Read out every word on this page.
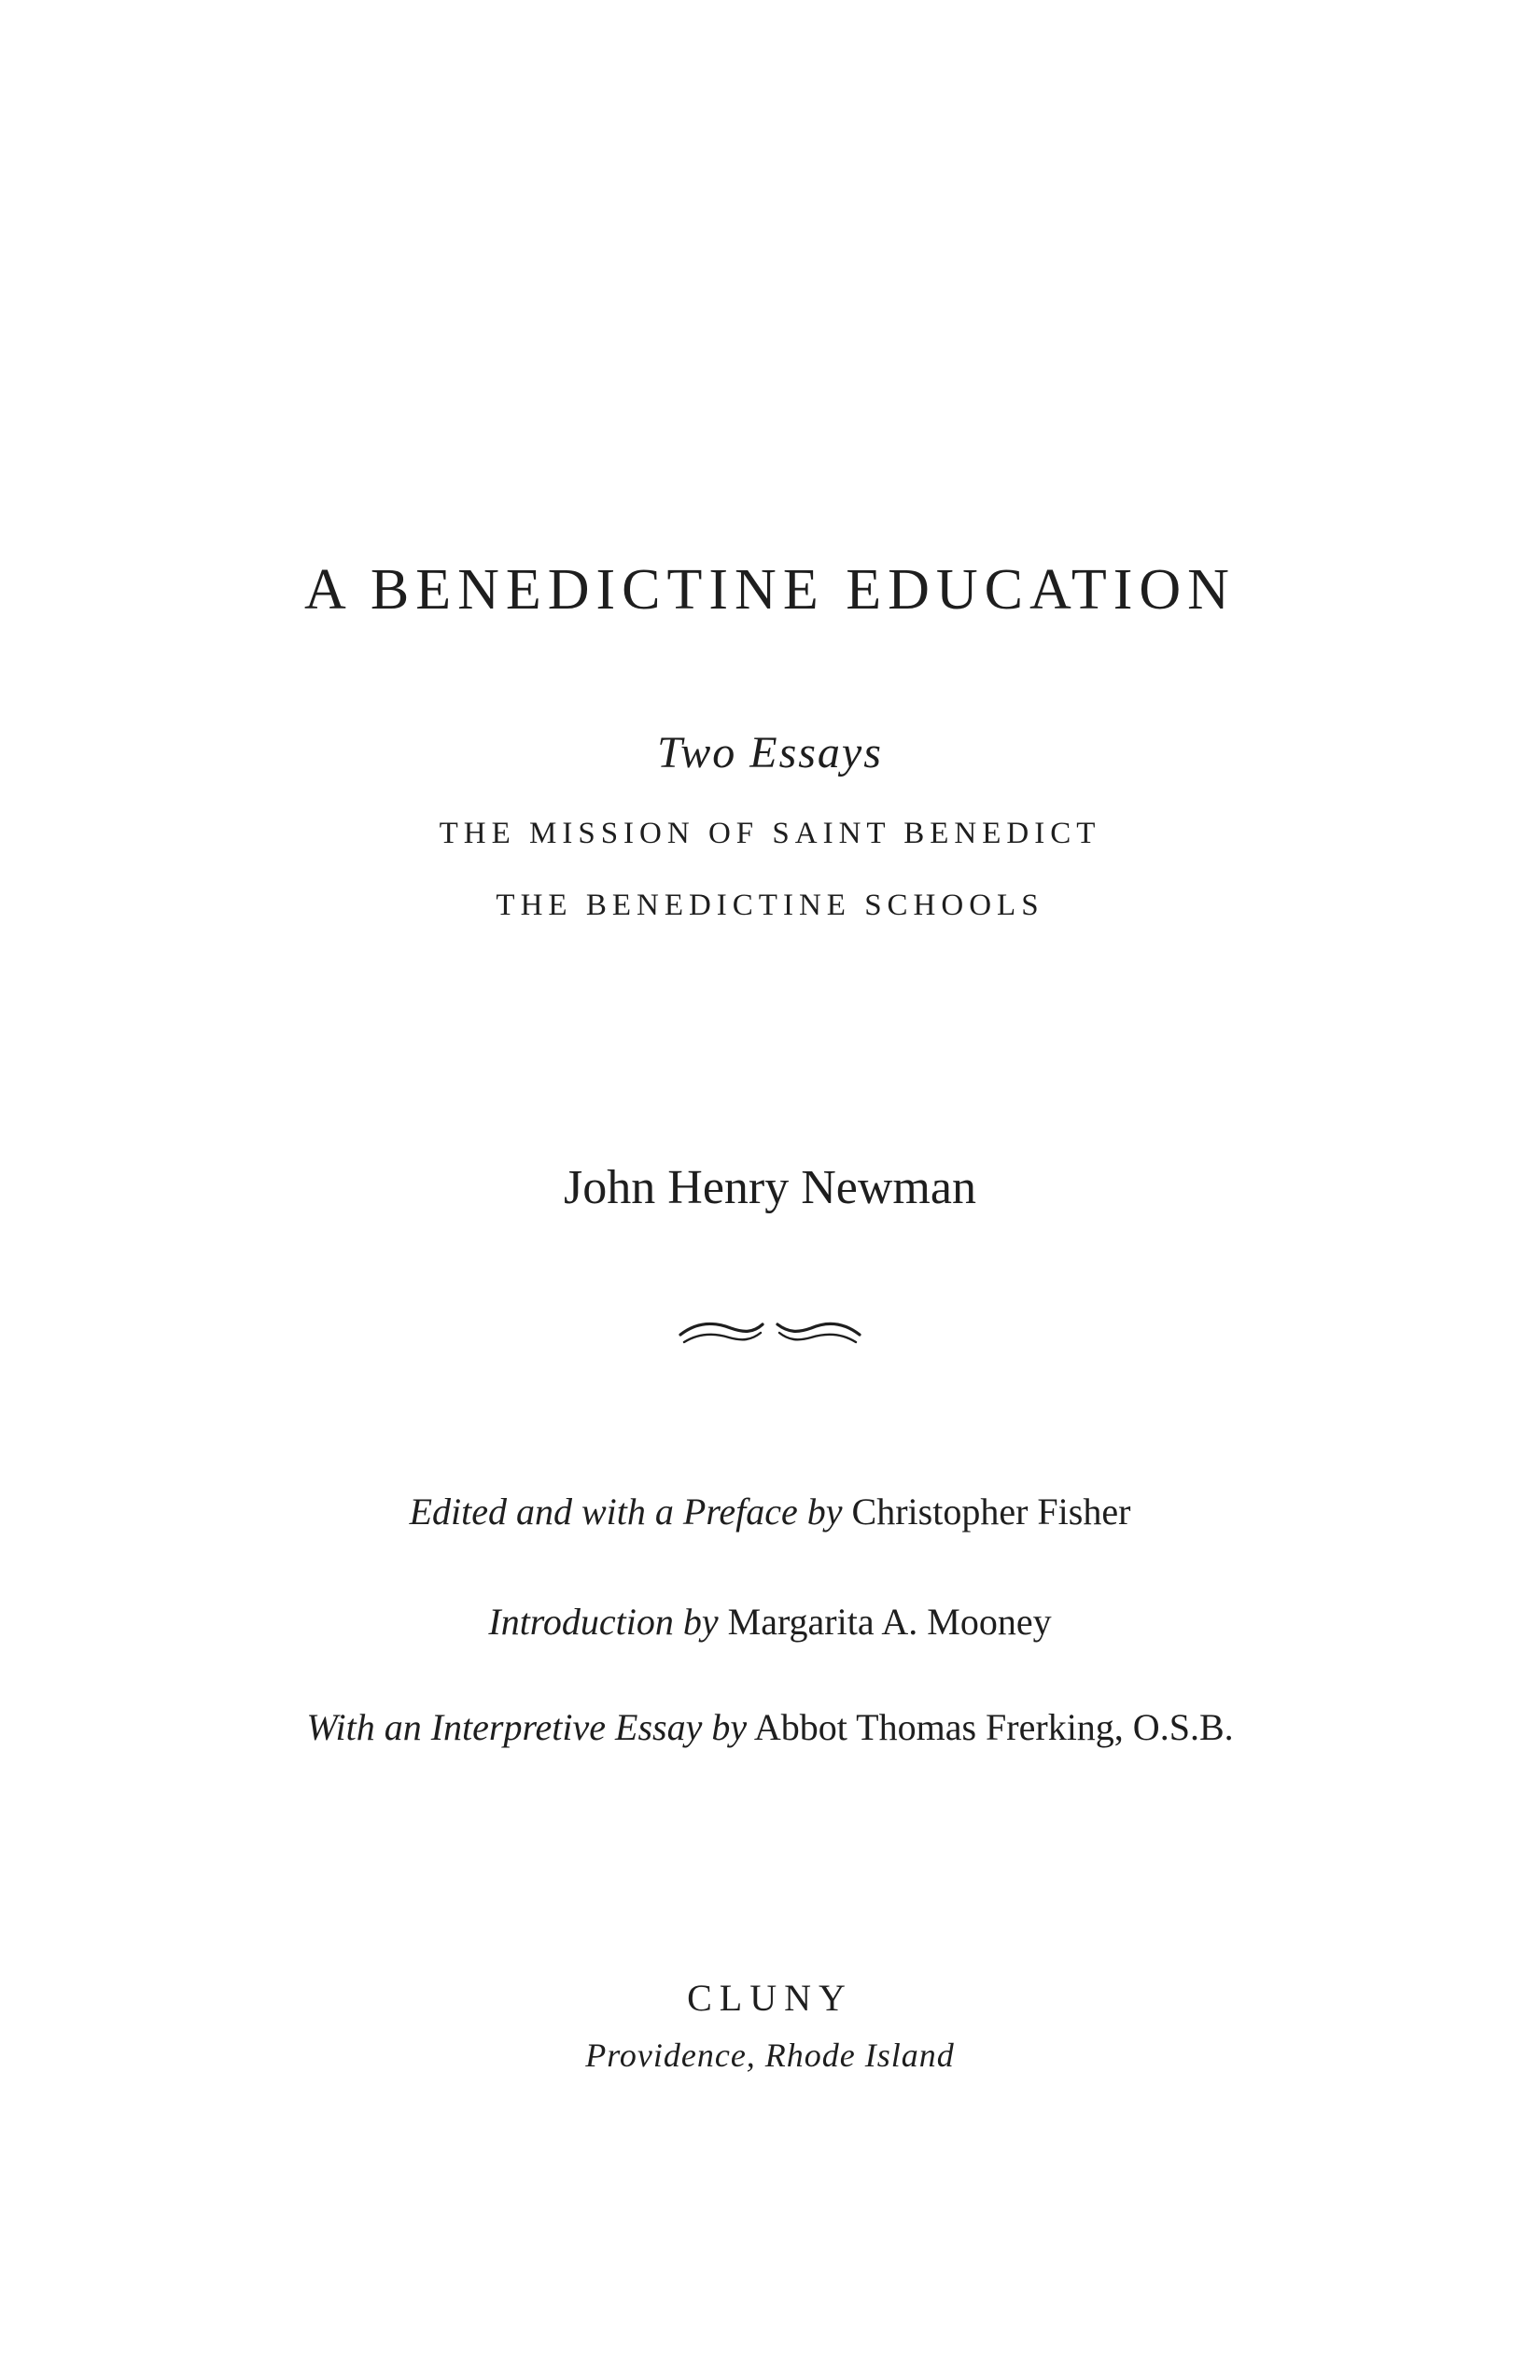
A BENEDICTINE EDUCATION
Two Essays
THE MISSION OF SAINT BENEDICT
THE BENEDICTINE SCHOOLS
John Henry Newman
Edited and with a Preface by Christopher Fisher
Introduction by Margarita A. Mooney
With an Interpretive Essay by Abbot Thomas Frerking, O.S.B.
CLUNY
Providence, Rhode Island
